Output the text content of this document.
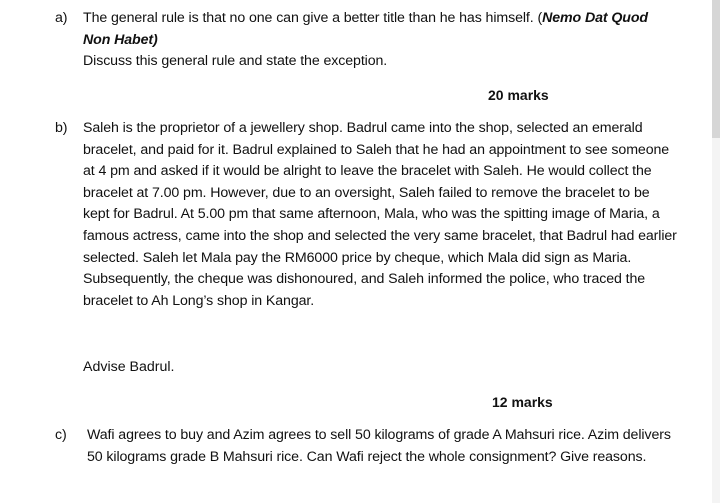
a)	The general rule is that no one can give a better title than he has himself. (Nemo Dat Quod Non Habet)
Discuss this general rule and state the exception.
20 marks
b)	Saleh is the proprietor of a jewellery shop. Badrul came into the shop, selected an emerald bracelet, and paid for it. Badrul explained to Saleh that he had an appointment to see someone at 4 pm and asked if it would be alright to leave the bracelet with Saleh. He would collect the bracelet at 7.00 pm. However, due to an oversight, Saleh failed to remove the bracelet to be kept for Badrul. At 5.00 pm that same afternoon, Mala, who was the spitting image of Maria, a famous actress, came into the shop and selected the very same bracelet, that Badrul had earlier selected. Saleh let Mala pay the RM6000 price by cheque, which Mala did sign as Maria. Subsequently, the cheque was dishonoured, and Saleh informed the police, who traced the bracelet to Ah Long’s shop in Kangar.
Advise Badrul.
12 marks
c)	Wafi agrees to buy and Azim agrees to sell 50 kilograms of grade A Mahsuri rice. Azim delivers 50 kilograms grade B Mahsuri rice. Can Wafi reject the whole consignment? Give reasons.
